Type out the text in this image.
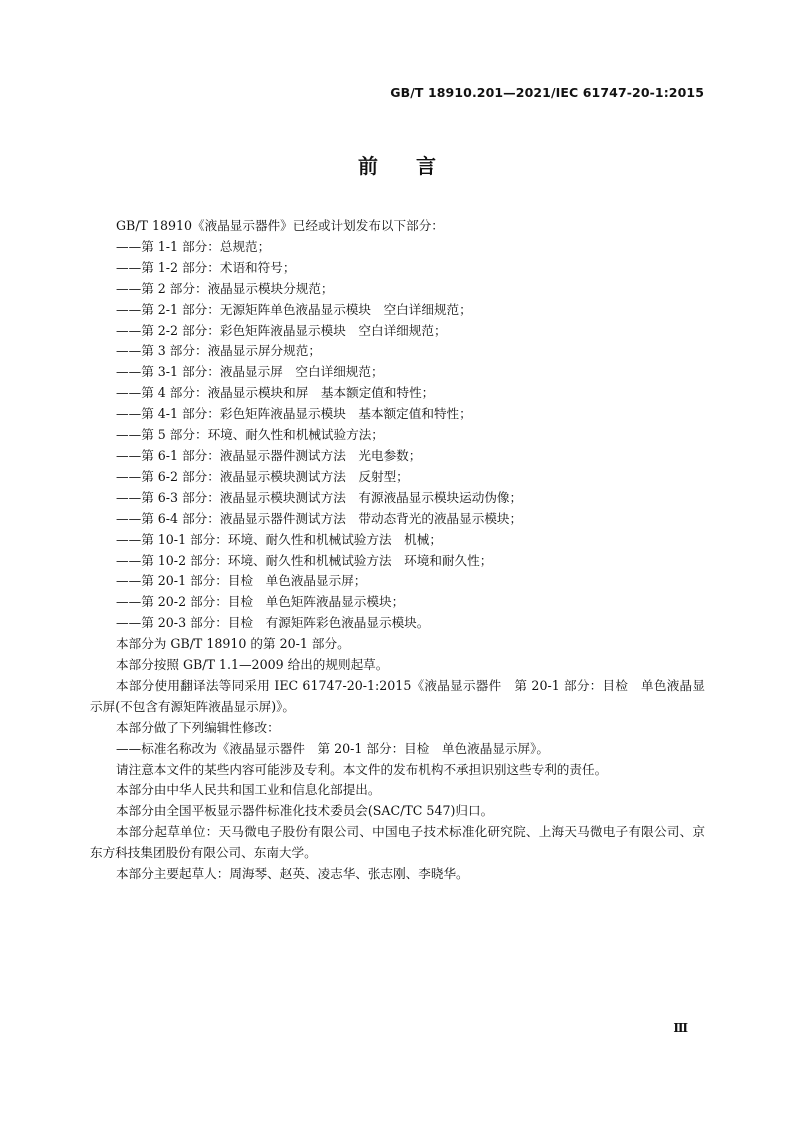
GB/T 18910.201—2021/IEC 61747-20-1:2015
前言

GB/T 18910《液晶显示器件》已经或计划发布以下部分：

——第 1-1 部分：总规范；

——第 1-2 部分：术语和符号；

——第 2 部分：液晶显示模块分规范；

——第 2-1 部分：无源矩阵单色液晶显示模块　空白详细规范；

——第 2-2 部分：彩色矩阵液晶显示模块　空白详细规范；

——第 3 部分：液晶显示屏分规范；

——第 3-1 部分：液晶显示屏　空白详细规范；

——第 4 部分：液晶显示模块和屏　基本额定值和特性；

——第 4-1 部分：彩色矩阵液晶显示模块　基本额定值和特性；

——第 5 部分：环境、耐久性和机械试验方法；

——第 6-1 部分：液晶显示器件测试方法　光电参数；

——第 6-2 部分：液晶显示模块测试方法　反射型；

——第 6-3 部分：液晶显示模块测试方法　有源液晶显示模块运动伪像；

——第 6-4 部分：液晶显示器件测试方法　带动态背光的液晶显示模块；

——第 10-1 部分：环境、耐久性和机械试验方法　机械；

——第 10-2 部分：环境、耐久性和机械试验方法　环境和耐久性；

——第 20-1 部分：目检　单色液晶显示屏；

——第 20-2 部分：目检　单色矩阵液晶显示模块；

——第 20-3 部分：目检　有源矩阵彩色液晶显示模块。

本部分为 GB/T 18910 的第 20-1 部分。

本部分按照 GB/T 1.1—2009 给出的规则起草。

本部分使用翻译法等同采用 IEC 61747-20-1:2015《液晶显示器件　第 20-1 部分：目检　单色液晶显示屏(不包含有源矩阵液晶显示屏)》。

本部分做了下列编辑性修改：

——标准名称改为《液晶显示器件　第 20-1 部分：目检　单色液晶显示屏》。

请注意本文件的某些内容可能涉及专利。本文件的发布机构不承担识别这些专利的责任。

本部分由中华人民共和国工业和信息化部提出。

本部分由全国平板显示器件标准化技术委员会(SAC/TC 547)归口。

本部分起草单位：天马微电子股份有限公司、中国电子技术标准化研究院、上海天马微电子有限公司、京东方科技集团股份有限公司、东南大学。

本部分主要起草人：周海琴、赵英、凌志华、张志刚、李晓华。

Ⅲ
